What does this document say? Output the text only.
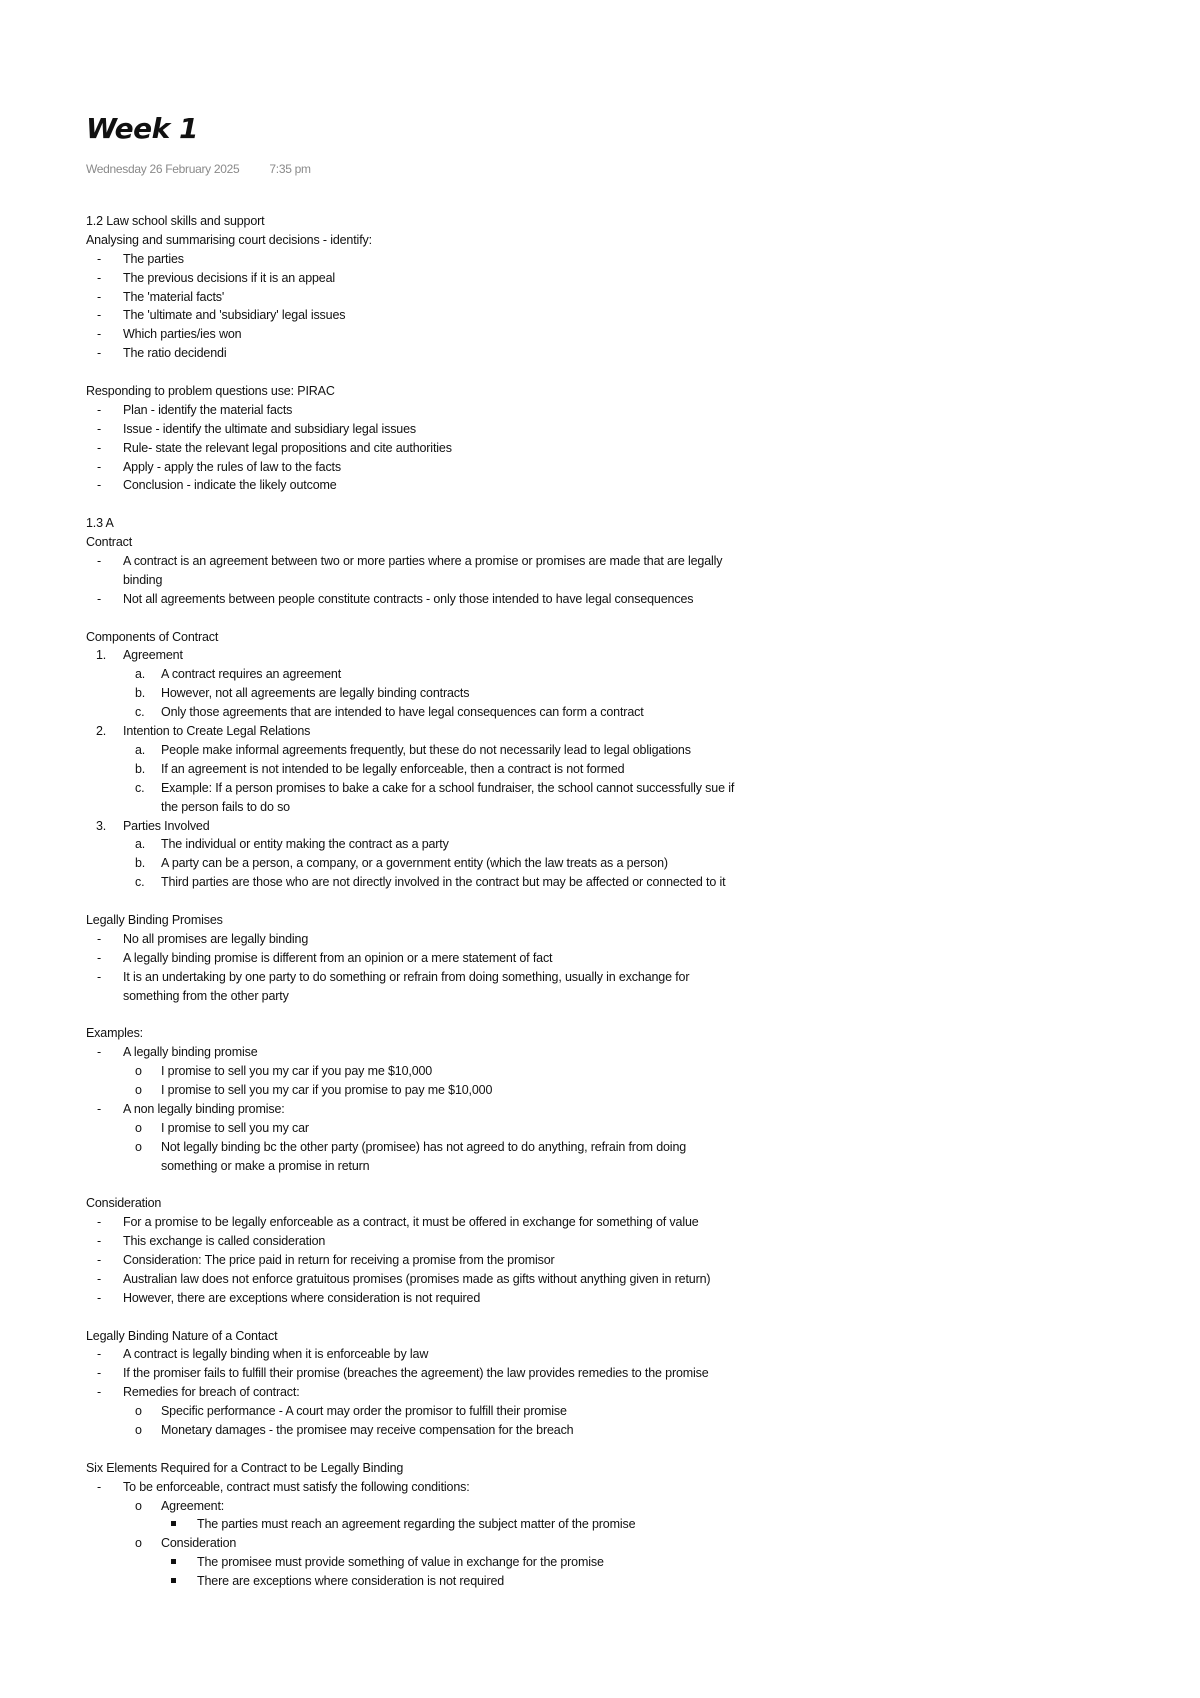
Week 1
Wednesday 26 February 2025	7:35 pm
1.2 Law school skills and support
Analysing and summarising court decisions - identify:
- The parties
- The previous decisions if it is an appeal
- The 'material facts'
- The 'ultimate and 'subsidiary' legal issues
- Which parties/ies won
- The ratio decidendi
Responding to problem questions use: PIRAC
- Plan - identify the material facts
- Issue - identify the ultimate and subsidiary legal issues
- Rule- state the relevant legal propositions and cite authorities
- Apply - apply the rules of law to the facts
- Conclusion - indicate the likely outcome
1.3 A
Contract
- A contract is an agreement between two or more parties where a promise or promises are made that are legally
binding
- Not all agreements between people constitute contracts - only those intended to have legal consequences
Components of Contract
1. Agreement
a. A contract requires an agreement
b. However, not all agreements are legally binding contracts
c. Only those agreements that are intended to have legal consequences can form a contract
2. Intention to Create Legal Relations
a. People make informal agreements frequently, but these do not necessarily lead to legal obligations
b. If an agreement is not intended to be legally enforceable, then a contract is not formed
c. Example: If a person promises to bake a cake for a school fundraiser, the school cannot successfully sue if
the person fails to do so
3. Parties Involved
a. The individual or entity making the contract as a party
b. A party can be a person, a company, or a government entity (which the law treats as a person)
c. Third parties are those who are not directly involved in the contract but may be affected or connected to it
Legally Binding Promises
- No all promises are legally binding
- A legally binding promise is different from an opinion or a mere statement of fact
- It is an undertaking by one party to do something or refrain from doing something, usually in exchange for
something from the other party
Examples:
- A legally binding promise
o I promise to sell you my car if you pay me $10,000
o I promise to sell you my car if you promise to pay me $10,000
- A non legally binding promise:
o I promise to sell you my car
o Not legally binding bc the other party (promisee) has not agreed to do anything, refrain from doing
something or make a promise in return
Consideration
- For a promise to be legally enforceable as a contract, it must be offered in exchange for something of value
- This exchange is called consideration
- Consideration: The price paid in return for receiving a promise from the promisor
- Australian law does not enforce gratuitous promises (promises made as gifts without anything given in return)
- However, there are exceptions where consideration is not required
Legally Binding Nature of a Contact
- A contract is legally binding when it is enforceable by law
- If the promiser fails to fulfill their promise (breaches the agreement) the law provides remedies to the promise
- Remedies for breach of contract:
o Specific performance - A court may order the promisor to fulfill their promise
o Monetary damages - the promisee may receive compensation for the breach
Six Elements Required for a Contract to be Legally Binding
- To be enforceable, contract must satisfy the following conditions:
o Agreement:
The parties must reach an agreement regarding the subject matter of the promise
o Consideration
The promisee must provide something of value in exchange for the promise
There are exceptions where consideration is not required
